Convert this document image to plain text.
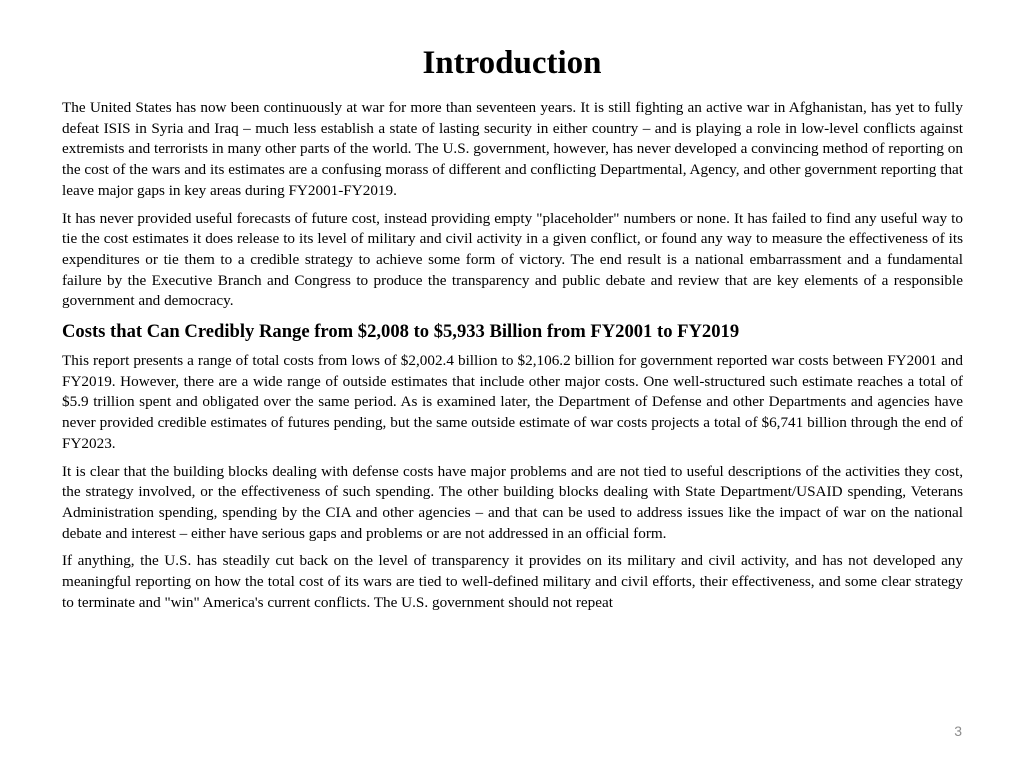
Introduction

The United States has now been continuously at war for more than seventeen years. It is still fighting an active war in Afghanistan, has yet to fully defeat ISIS in Syria and Iraq – much less establish a state of lasting security in either country – and is playing a role in low-level conflicts against extremists and terrorists in many other parts of the world. The U.S. government, however, has never developed a convincing method of reporting on the cost of the wars and its estimates are a confusing morass of different and conflicting Departmental, Agency, and other government reporting that leave major gaps in key areas during FY2001-FY2019.

It has never provided useful forecasts of future cost, instead providing empty "placeholder" numbers or none. It has failed to find any useful way to tie the cost estimates it does release to its level of military and civil activity in a given conflict, or found any way to measure the effectiveness of its expenditures or tie them to a credible strategy to achieve some form of victory. The end result is a national embarrassment and a fundamental failure by the Executive Branch and Congress to produce the transparency and public debate and review that are key elements of a responsible government and democracy.

Costs that Can Credibly Range from $2,008 to $5,933 Billion from FY2001 to FY2019

This report presents a range of total costs from lows of $2,002.4 billion to $2,106.2 billion for government reported war costs between FY2001 and FY2019. However, there are a wide range of outside estimates that include other major costs. One well-structured such estimate reaches a total of $5.9 trillion spent and obligated over the same period. As is examined later, the Department of Defense and other Departments and agencies have never provided credible estimates of futures pending, but the same outside estimate of war costs projects a total of $6,741 billion through the end of FY2023.

It is clear that the building blocks dealing with defense costs have major problems and are not tied to useful descriptions of the activities they cost, the strategy involved, or the effectiveness of such spending. The other building blocks dealing with State Department/USAID spending, Veterans Administration spending, spending by the CIA and other agencies – and that can be used to address issues like the impact of war on the national debate and interest – either have serious gaps and problems or are not addressed in an official form.

If anything, the U.S. has steadily cut back on the level of transparency it provides on its military and civil activity, and has not developed any meaningful reporting on how the total cost of its wars are tied to well-defined military and civil efforts, their effectiveness, and some clear strategy to terminate and "win" America's current conflicts. The U.S. government should not repeat

3
